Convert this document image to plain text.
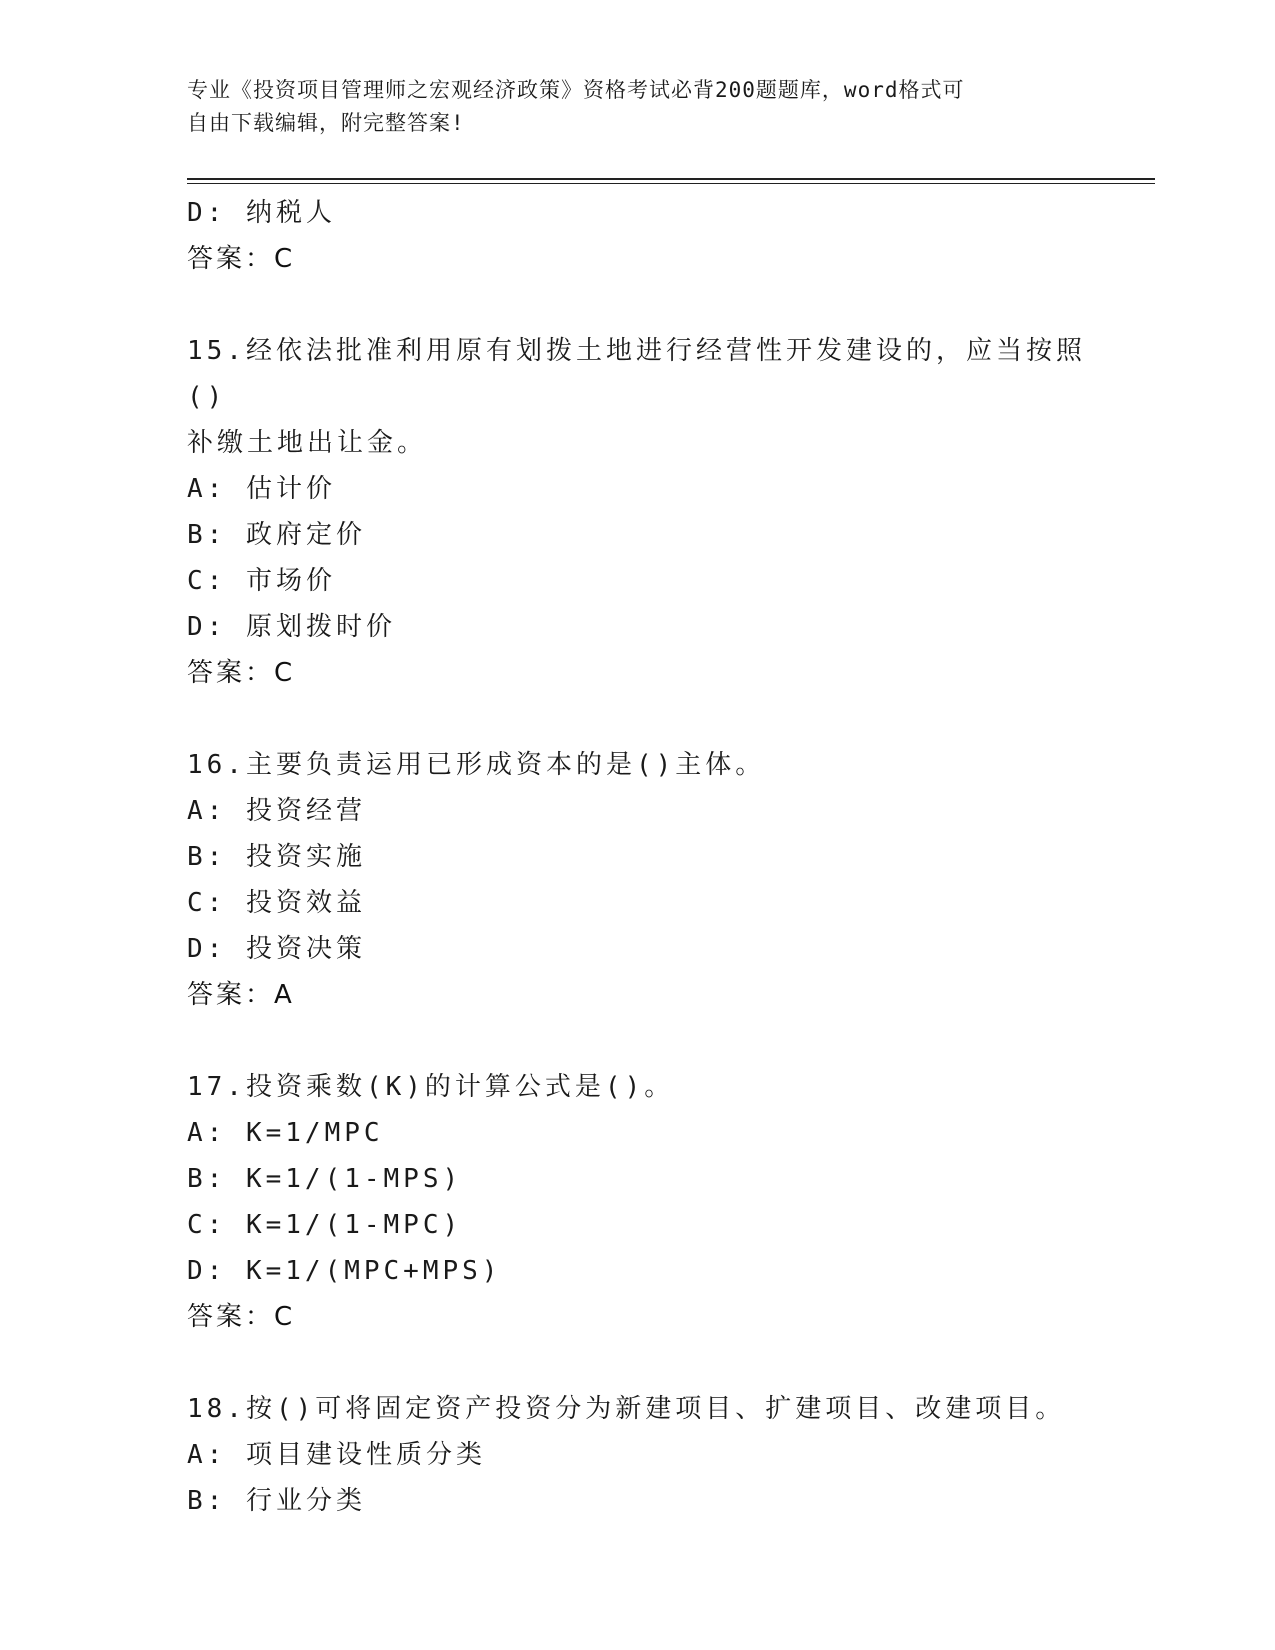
专业《投资项目管理师之宏观经济政策》资格考试必背200题题库，word格式可
自由下载编辑，附完整答案!
D: 纳税人
答案：C
15.经依法批准利用原有划拨土地进行经营性开发建设的，应当按照()
补缴土地出让金。
A: 估计价
B: 政府定价
C: 市场价
D: 原划拨时价
答案：C
16.主要负责运用已形成资本的是()主体。
A: 投资经营
B: 投资实施
C: 投资效益
D: 投资决策
答案：A
17.投资乘数(K)的计算公式是()。
A: K=1/MPC
B: K=1/(1-MPS)
C: K=1/(1-MPC)
D: K=1/(MPC+MPS)
答案：C
18.按()可将固定资产投资分为新建项目、扩建项目、改建项目。
A: 项目建设性质分类
B: 行业分类
